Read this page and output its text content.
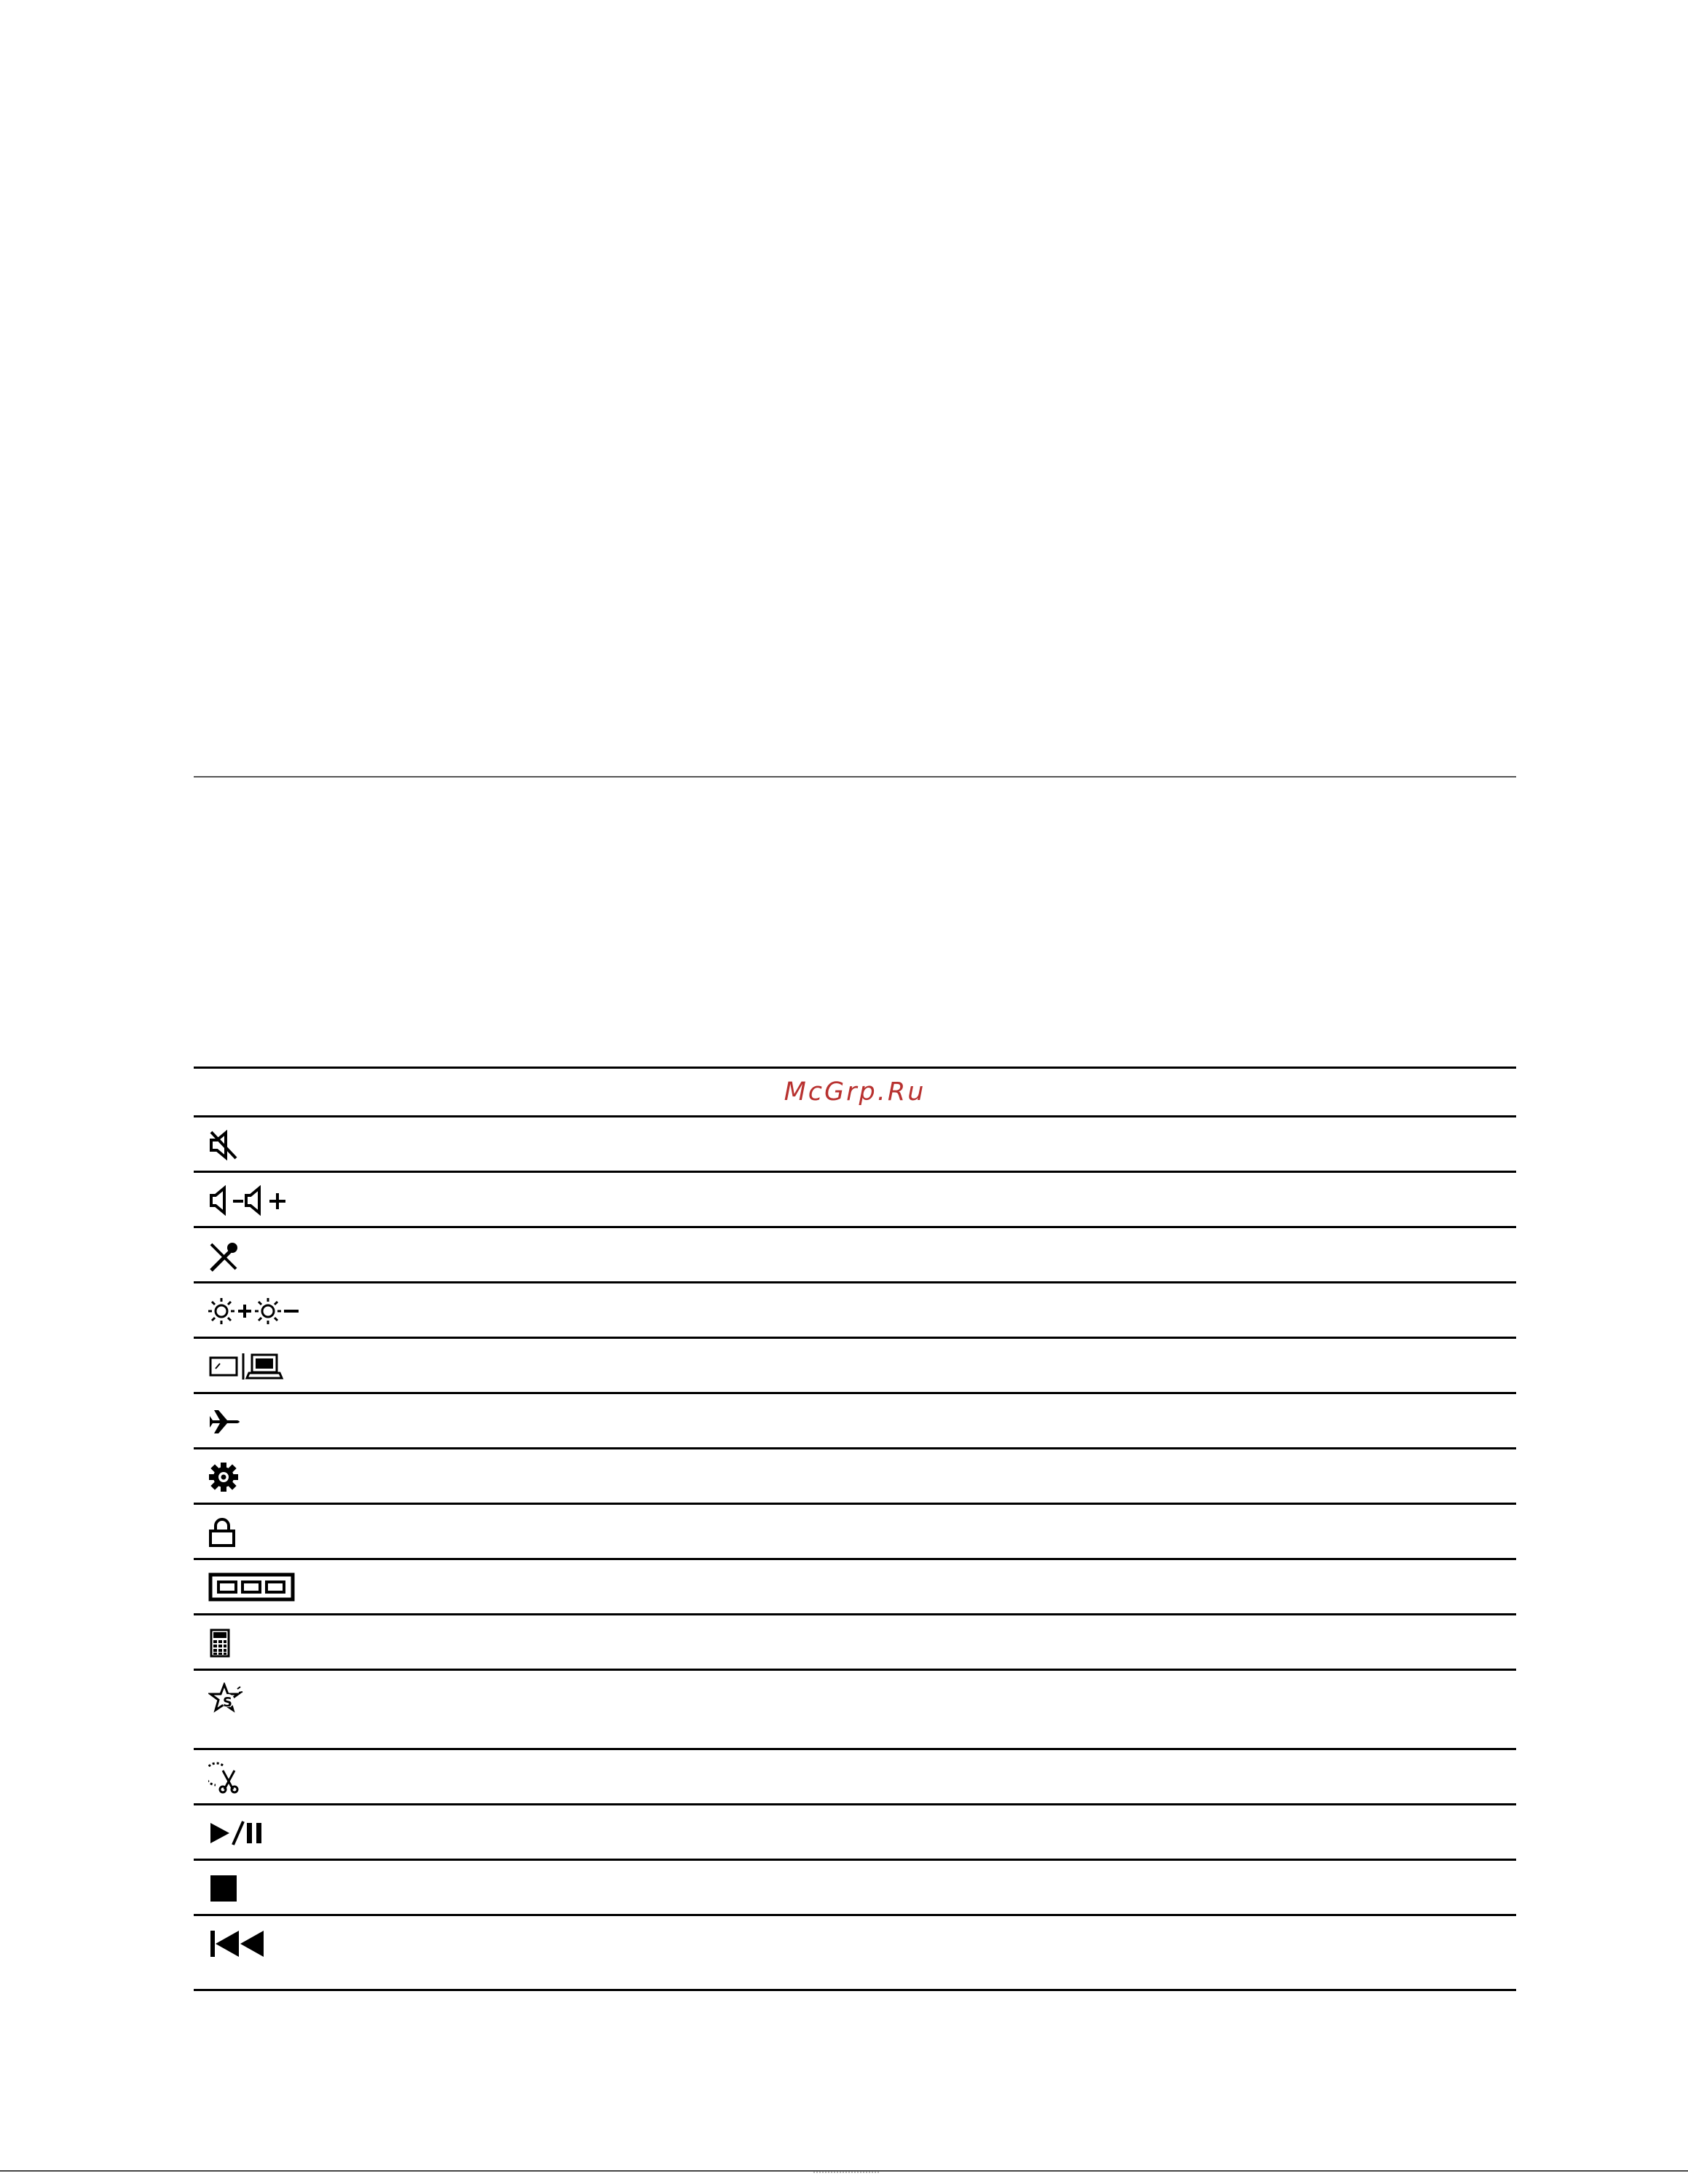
McGrp.Ru
S
